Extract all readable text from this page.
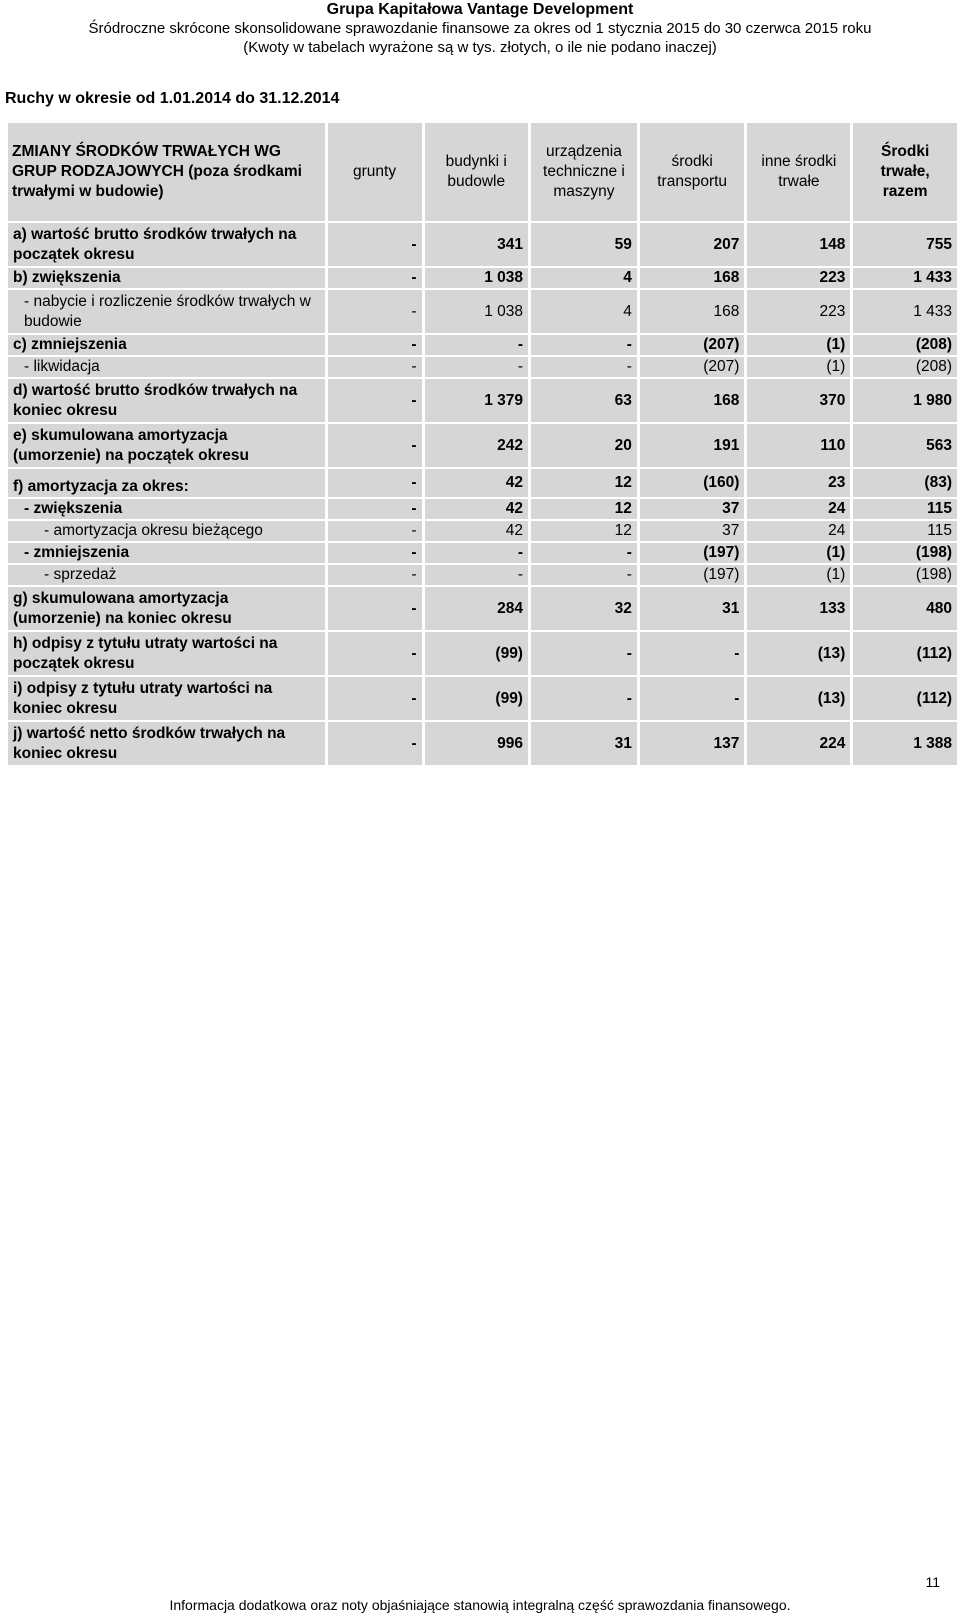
Grupa Kapitałowa Vantage Development
Śródroczne skrócone skonsolidowane sprawozdanie finansowe za okres od 1 stycznia 2015 do 30 czerwca 2015 roku
(Kwoty w tabelach wyrażone są w tys. złotych, o ile nie podano inaczej)
Ruchy w okresie od 1.01.2014 do 31.12.2014
ZMIANY ŚRODKÓW TRWAŁYCH WG GRUP RODZAJOWYCH (poza środkami trwałymi w budowie)	grunty	budynki i budowle	urządzenia techniczne i maszyny	środki transportu	inne środki trwałe	Środki trwałe, razem
a) wartość brutto środków trwałych na początek okresu	-	341	59	207	148	755
b) zwiększenia	-	1 038	4	168	223	1 433
- nabycie i rozliczenie środków trwałych w budowie	-	1 038	4	168	223	1 433
c) zmniejszenia	-	-	-	(207)	(1)	(208)
- likwidacja	-	-	-	(207)	(1)	(208)
d) wartość brutto środków trwałych na koniec okresu	-	1 379	63	168	370	1 980
e) skumulowana amortyzacja (umorzenie) na początek okresu	-	242	20	191	110	563
f) amortyzacja za okres:	-	42	12	(160)	23	(83)
- zwiększenia	-	42	12	37	24	115
- amortyzacja okresu bieżącego	-	42	12	37	24	115
- zmniejszenia	-	-	-	(197)	(1)	(198)
- sprzedaż	-	-	-	(197)	(1)	(198)
g) skumulowana amortyzacja (umorzenie) na koniec okresu	-	284	32	31	133	480
h) odpisy z tytułu utraty wartości na początek okresu	-	(99)	-	-	(13)	(112)
i) odpisy z tytułu utraty wartości na koniec okresu	-	(99)	-	-	(13)	(112)
j) wartość netto środków trwałych na koniec okresu	-	996	31	137	224	1 388
11
Informacja dodatkowa oraz noty objaśniające stanowią integralną część sprawozdania finansowego.
